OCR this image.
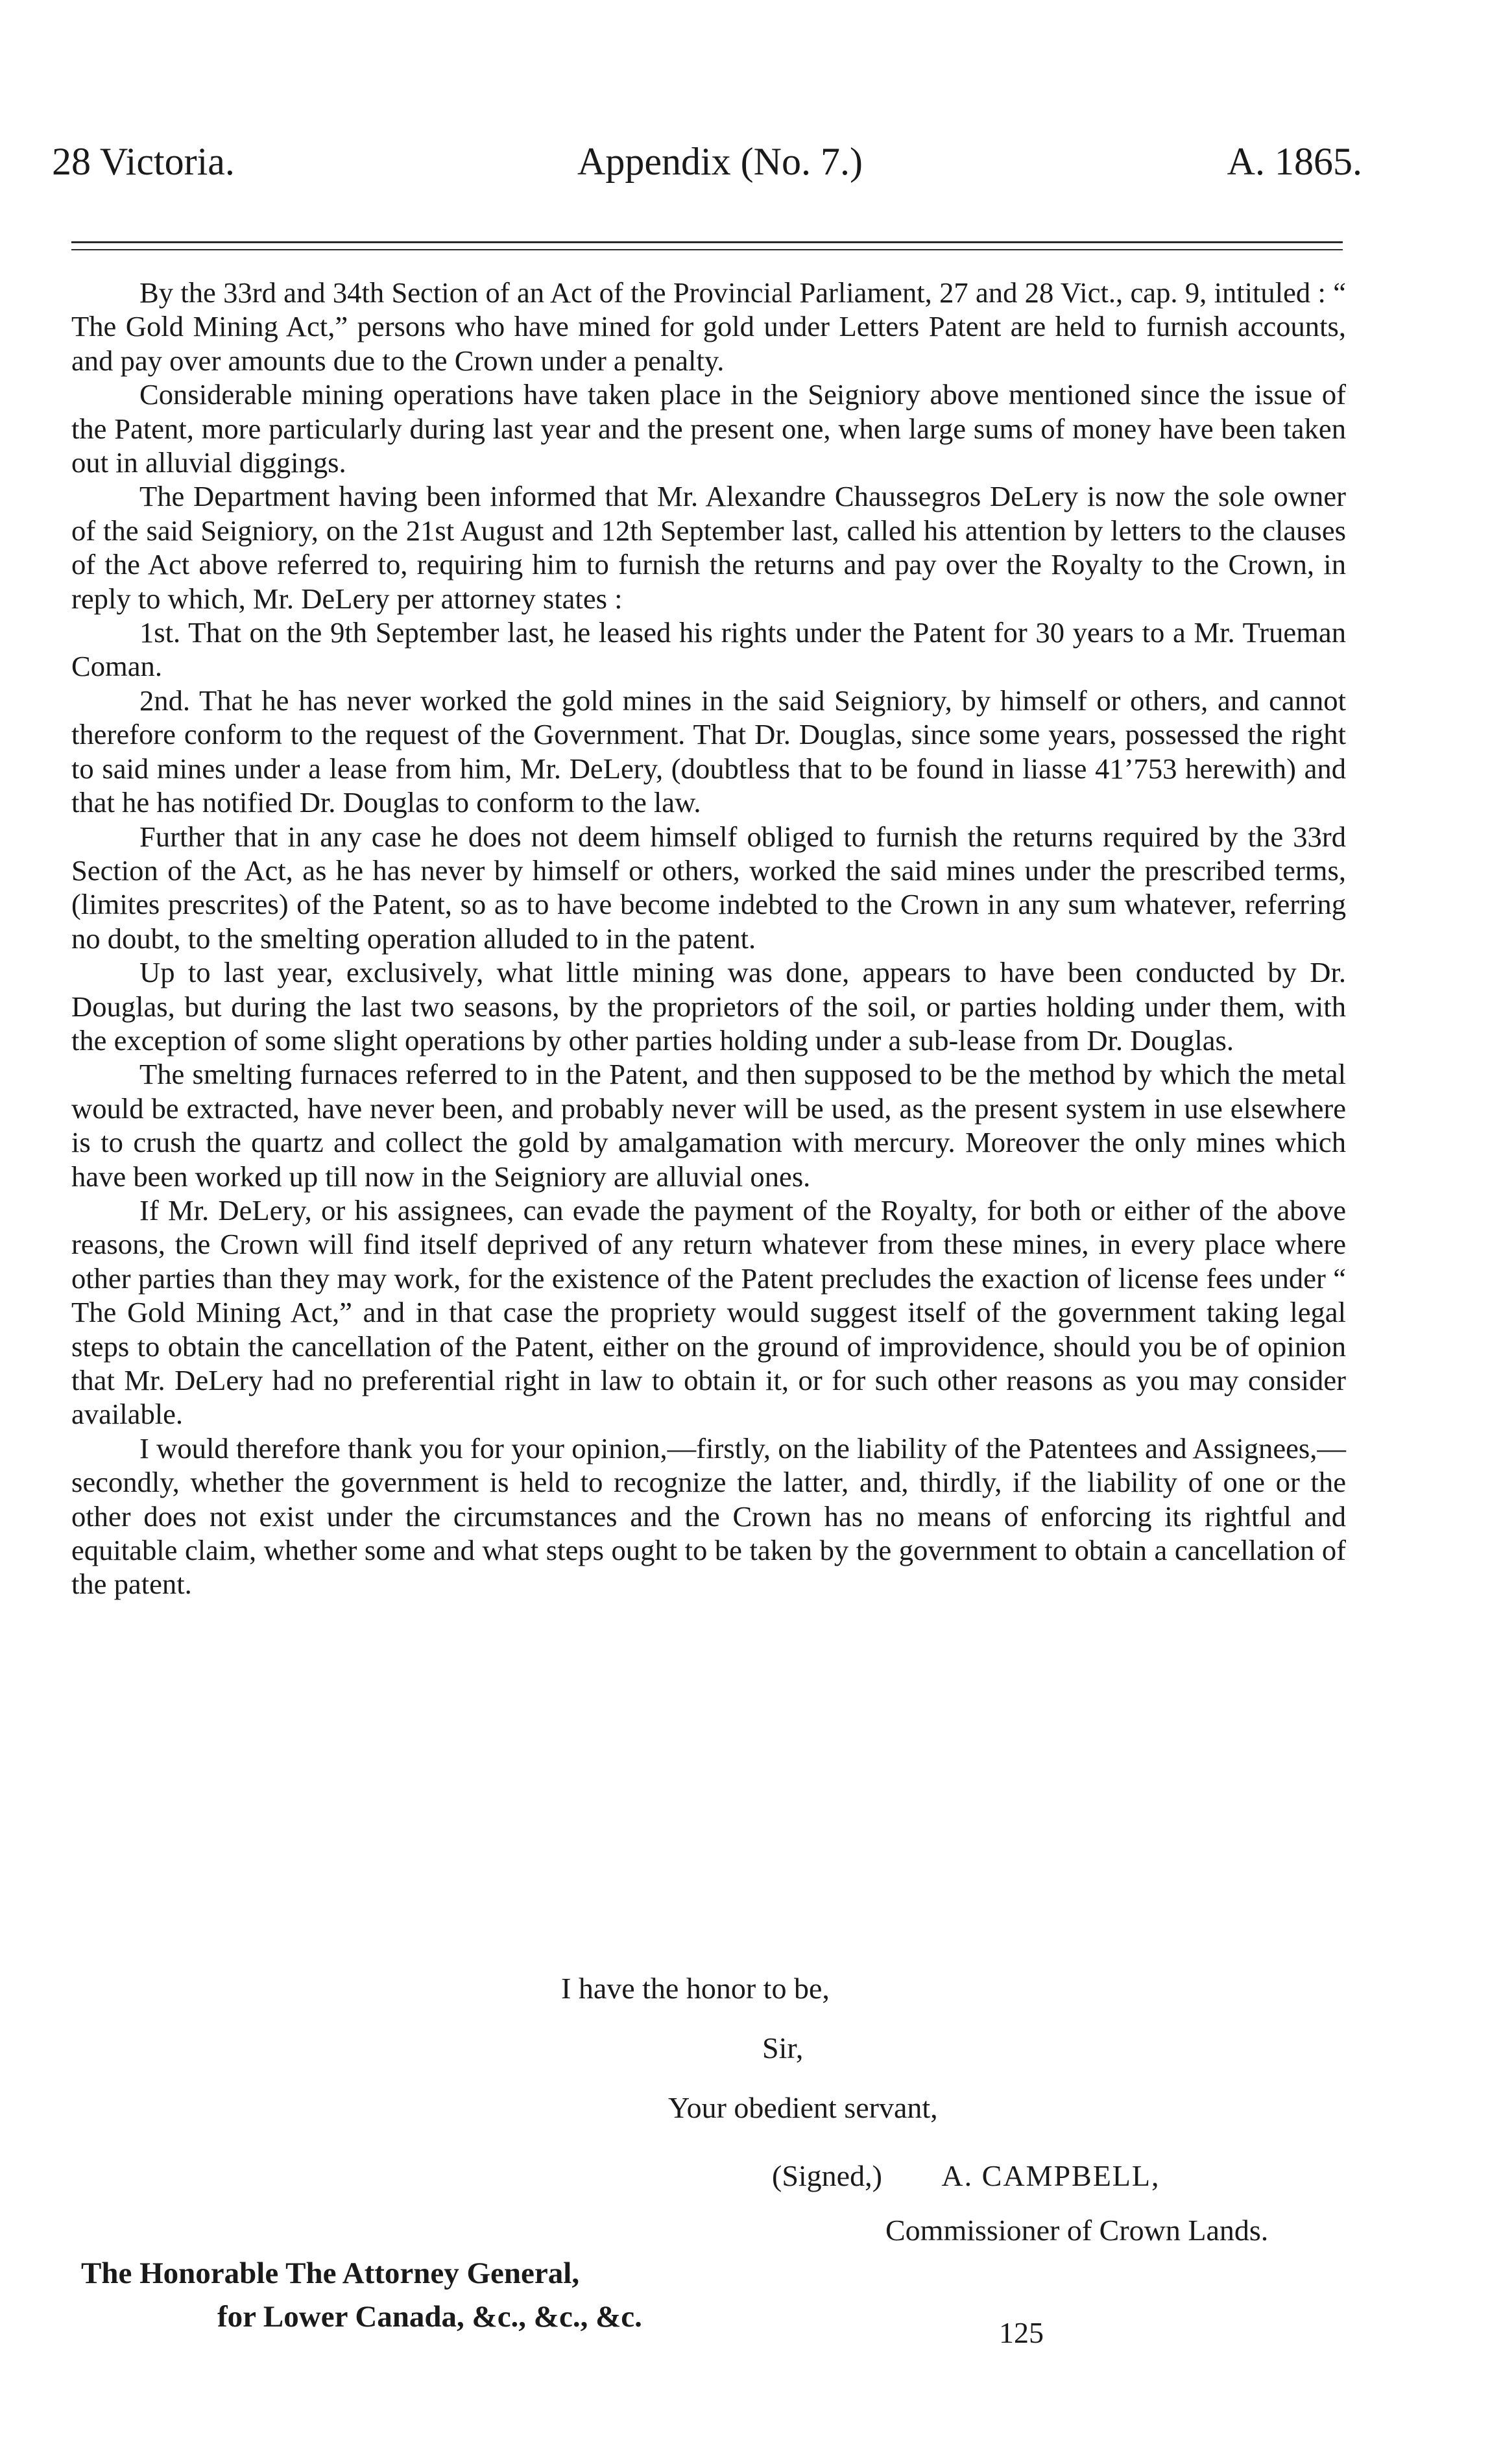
28 Victoria.	Appendix (No. 7.)	A. 1865.

By the 33rd and 34th Section of an Act of the Provincial Parliament, 27 and 28 Vict., cap. 9, intituled : “ The Gold Mining Act,” persons who have mined for gold under Letters Patent are held to furnish accounts, and pay over amounts due to the Crown under a penalty.

Considerable mining operations have taken place in the Seigniory above mentioned since the issue of the Patent, more particularly during last year and the present one, when large sums of money have been taken out in alluvial diggings.

The Department having been informed that Mr. Alexandre Chaussegros DeLery is now the sole owner of the said Seigniory, on the 21st August and 12th September last, called his attention by letters to the clauses of the Act above referred to, requiring him to furnish the returns and pay over the Royalty to the Crown, in reply to which, Mr. DeLery per attorney states :

1st. That on the 9th September last, he leased his rights under the Patent for 30 years to a Mr. Trueman Coman.

2nd. That he has never worked the gold mines in the said Seigniory, by himself or others, and cannot therefore conform to the request of the Government. That Dr. Douglas, since some years, possessed the right to said mines under a lease from him, Mr. DeLery, (doubtless that to be found in liasse 41’753 herewith) and that he has notified Dr. Douglas to conform to the law.

Further that in any case he does not deem himself obliged to furnish the returns required by the 33rd Section of the Act, as he has never by himself or others, worked the said mines under the prescribed terms, (limites prescrites) of the Patent, so as to have become indebted to the Crown in any sum whatever, referring no doubt, to the smelting operation alluded to in the patent.

Up to last year, exclusively, what little mining was done, appears to have been conducted by Dr. Douglas, but during the last two seasons, by the proprietors of the soil, or parties holding under them, with the exception of some slight operations by other parties holding under a sub-lease from Dr. Douglas.

The smelting furnaces referred to in the Patent, and then supposed to be the method by which the metal would be extracted, have never been, and probably never will be used, as the present system in use elsewhere is to crush the quartz and collect the gold by amalgamation with mercury. Moreover the only mines which have been worked up till now in the Seigniory are alluvial ones.

If Mr. DeLery, or his assignees, can evade the payment of the Royalty, for both or either of the above reasons, the Crown will find itself deprived of any return whatever from these mines, in every place where other parties than they may work, for the existence of the Patent precludes the exaction of license fees under “ The Gold Mining Act,” and in that case the propriety would suggest itself of the government taking legal steps to obtain the cancellation of the Patent, either on the ground of improvidence, should you be of opinion that Mr. DeLery had no preferential right in law to obtain it, or for such other reasons as you may consider available.

I would therefore thank you for your opinion,—firstly, on the liability of the Patentees and Assignees,—secondly, whether the government is held to recognize the latter, and, thirdly, if the liability of one or the other does not exist under the circumstances and the Crown has no means of enforcing its rightful and equitable claim, whether some and what steps ought to be taken by the government to obtain a cancellation of the patent.

I have the honor to be,
Sir,
Your obedient servant,
(Signed,) A. CAMPBELL,
Commissioner of Crown Lands.
The Honorable The Attorney General,
for Lower Canada, &c., &c., &c.	125
